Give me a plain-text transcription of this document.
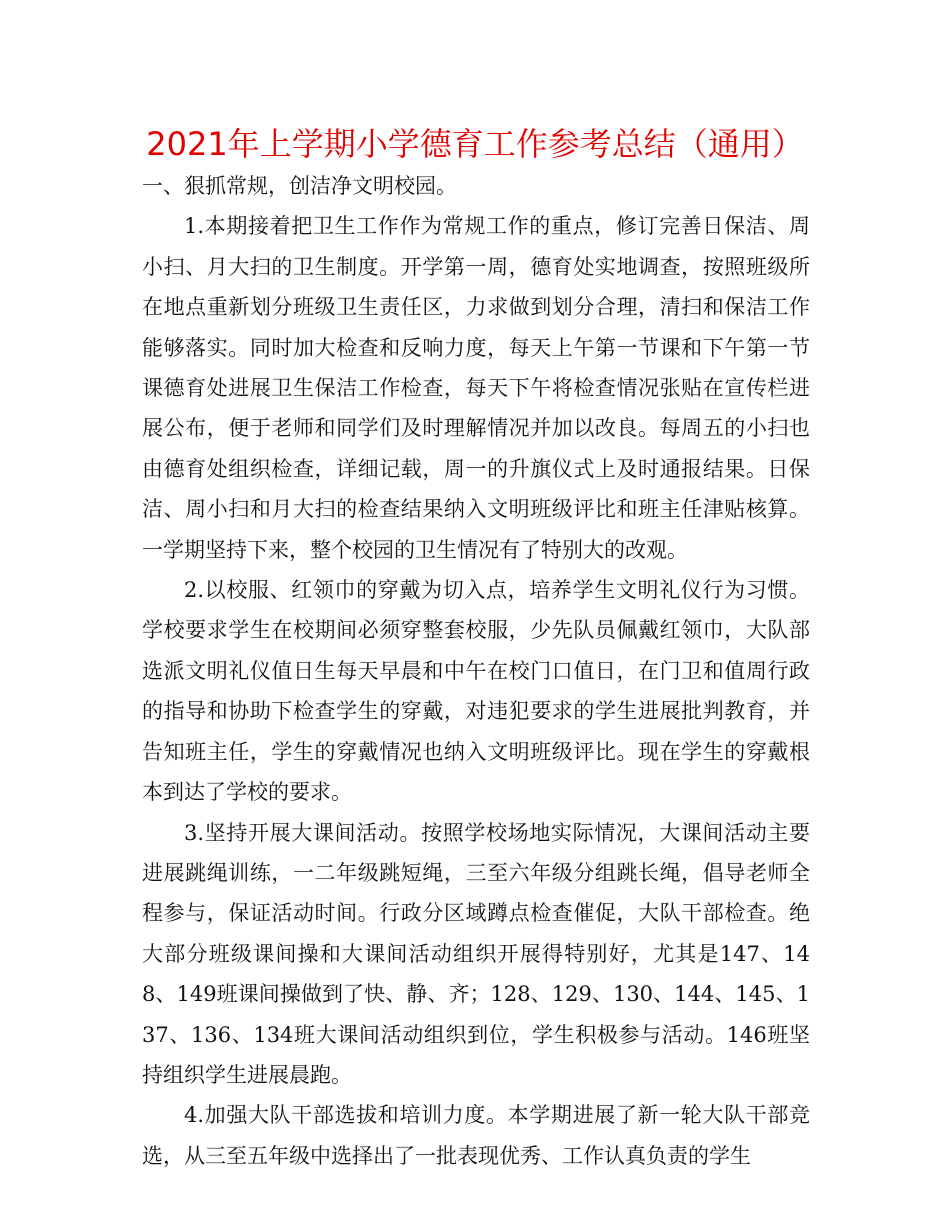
2021年上学期小学德育工作参考总结（通用）

一、狠抓常规，创洁净文明校园。

1.本期接着把卫生工作作为常规工作的重点，修订完善日保洁、周小扫、月大扫的卫生制度。开学第一周，德育处实地调查，按照班级所在地点重新划分班级卫生责任区，力求做到划分合理，清扫和保洁工作能够落实。同时加大检查和反响力度，每天上午第一节课和下午第一节课德育处进展卫生保洁工作检查，每天下午将检查情况张贴在宣传栏进展公布，便于老师和同学们及时理解情况并加以改良。每周五的小扫也由德育处组织检查，详细记载，周一的升旗仪式上及时通报结果。日保洁、周小扫和月大扫的检查结果纳入文明班级评比和班主任津贴核算。一学期坚持下来，整个校园的卫生情况有了特别大的改观。

2.以校服、红领巾的穿戴为切入点，培养学生文明礼仪行为习惯。学校要求学生在校期间必须穿整套校服，少先队员佩戴红领巾，大队部选派文明礼仪值日生每天早晨和中午在校门口值日，在门卫和值周行政的指导和协助下检查学生的穿戴，对违犯要求的学生进展批判教育，并告知班主任，学生的穿戴情况也纳入文明班级评比。现在学生的穿戴根本到达了学校的要求。

3.坚持开展大课间活动。按照学校场地实际情况，大课间活动主要进展跳绳训练，一二年级跳短绳，三至六年级分组跳长绳，倡导老师全程参与，保证活动时间。行政分区域蹲点检查催促，大队干部检查。绝大部分班级课间操和大课间活动组织开展得特别好，尤其是147、148、149班课间操做到了快、静、齐；128、129、130、144、145、137、136、134班大课间活动组织到位，学生积极参与活动。146班坚持组织学生进展晨跑。

4.加强大队干部选拔和培训力度。本学期进展了新一轮大队干部竞选，从三至五年级中选择出了一批表现优秀、工作认真负责的学生
